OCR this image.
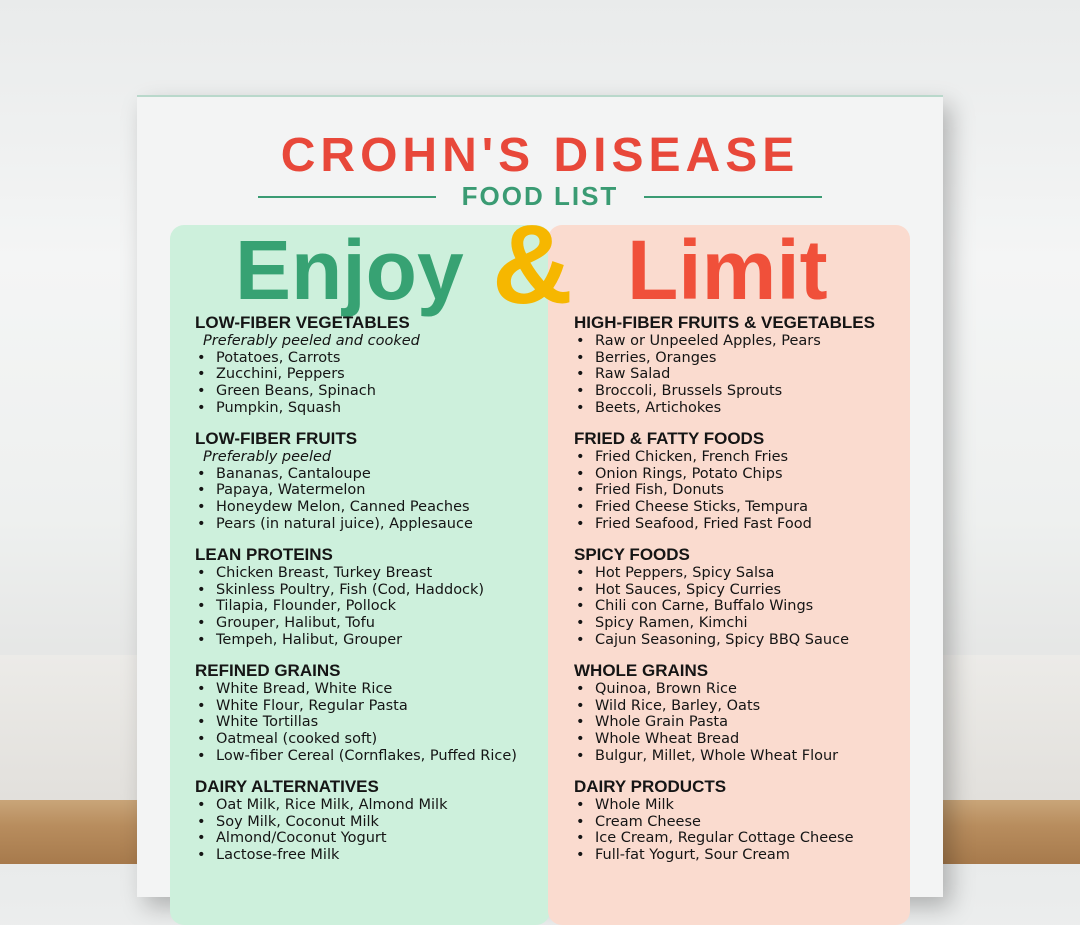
CROHN'S DISEASE
FOOD LIST
Enjoy Limit
&
LOW-FIBER VEGETABLES
Preferably peeled and cooked
• Potatoes, Carrots
• Zucchini, Peppers
• Green Beans, Spinach
• Pumpkin, Squash
LOW-FIBER FRUITS
Preferably peeled
• Bananas, Cantaloupe
• Papaya, Watermelon
• Honeydew Melon, Canned Peaches
• Pears (in natural juice), Applesauce
LEAN PROTEINS
• Chicken Breast, Turkey Breast
• Skinless Poultry, Fish (Cod, Haddock)
• Tilapia, Flounder, Pollock
• Grouper, Halibut, Tofu
• Tempeh, Halibut, Grouper
REFINED GRAINS
• White Bread, White Rice
• White Flour, Regular Pasta
• White Tortillas
• Oatmeal (cooked soft)
• Low-fiber Cereal (Cornflakes, Puffed Rice)
DAIRY ALTERNATIVES
• Oat Milk, Rice Milk, Almond Milk
• Soy Milk, Coconut Milk
• Almond/Coconut Yogurt
• Lactose-free Milk
HIGH-FIBER FRUITS & VEGETABLES
• Raw or Unpeeled Apples, Pears
• Berries, Oranges
• Raw Salad
• Broccoli, Brussels Sprouts
• Beets, Artichokes
FRIED & FATTY FOODS
• Fried Chicken, French Fries
• Onion Rings, Potato Chips
• Fried Fish, Donuts
• Fried Cheese Sticks, Tempura
• Fried Seafood, Fried Fast Food
SPICY FOODS
• Hot Peppers, Spicy Salsa
• Hot Sauces, Spicy Curries
• Chili con Carne, Buffalo Wings
• Spicy Ramen, Kimchi
• Cajun Seasoning, Spicy BBQ Sauce
WHOLE GRAINS
• Quinoa, Brown Rice
• Wild Rice, Barley, Oats
• Whole Grain Pasta
• Whole Wheat Bread
• Bulgur, Millet, Whole Wheat Flour
DAIRY PRODUCTS
• Whole Milk
• Cream Cheese
• Ice Cream, Regular Cottage Cheese
• Full-fat Yogurt, Sour Cream
